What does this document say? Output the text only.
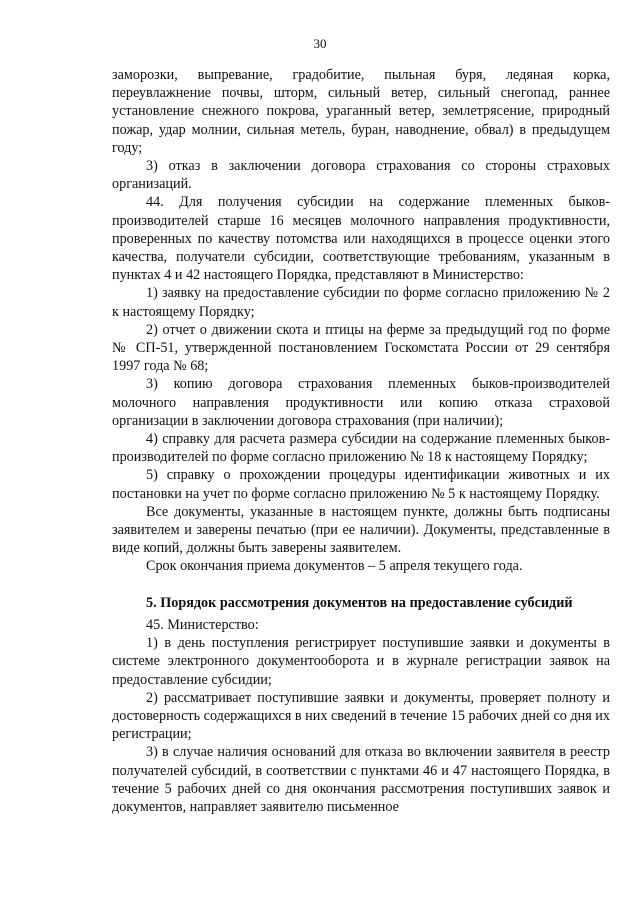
30

заморозки, выпревание, градобитие, пыльная буря, ледяная корка, переувлажнение почвы, шторм, сильный ветер, сильный снегопад, раннее установление снежного покрова, ураганный ветер, землетрясение, природный пожар, удар молнии, сильная метель, буран, наводнение, обвал) в предыдущем году;

3) отказ в заключении договора страхования со стороны страховых организаций.

44. Для получения субсидии на содержание племенных быков-производителей старше 16 месяцев молочного направления продуктивности, проверенных по качеству потомства или находящихся в процессе оценки этого качества, получатели субсидии, соответствующие требованиям, указанным в пунктах 4 и 42 настоящего Порядка, представляют в Министерство:

1) заявку на предоставление субсидии по форме согласно приложению № 2 к настоящему Порядку;

2) отчет о движении скота и птицы на ферме за предыдущий год по форме № СП-51, утвержденной постановлением Госкомстата России от 29 сентября 1997 года № 68;

3) копию договора страхования племенных быков-производителей молочного направления продуктивности или копию отказа страховой организации в заключении договора страхования (при наличии);

4) справку для расчета размера субсидии на содержание племенных быков-производителей по форме согласно приложению № 18 к настоящему Порядку;

5) справку о прохождении процедуры идентификации животных и их постановки на учет по форме согласно приложению № 5 к настоящему Порядку.

Все документы, указанные в настоящем пункте, должны быть подписаны заявителем и заверены печатью (при ее наличии). Документы, представленные в виде копий, должны быть заверены заявителем.

Срок окончания приема документов – 5 апреля текущего года.

5. Порядок рассмотрения документов на предоставление субсидий

45. Министерство:

1) в день поступления регистрирует поступившие заявки и документы в системе электронного документооборота и в журнале регистрации заявок на предоставление субсидии;

2) рассматривает поступившие заявки и документы, проверяет полноту и достоверность содержащихся в них сведений в течение 15 рабочих дней со дня их регистрации;

3) в случае наличия оснований для отказа во включении заявителя в реестр получателей субсидий, в соответствии с пунктами 46 и 47 настоящего Порядка, в течение 5 рабочих дней со дня окончания рассмотрения поступивших заявок и документов, направляет заявителю письменное
